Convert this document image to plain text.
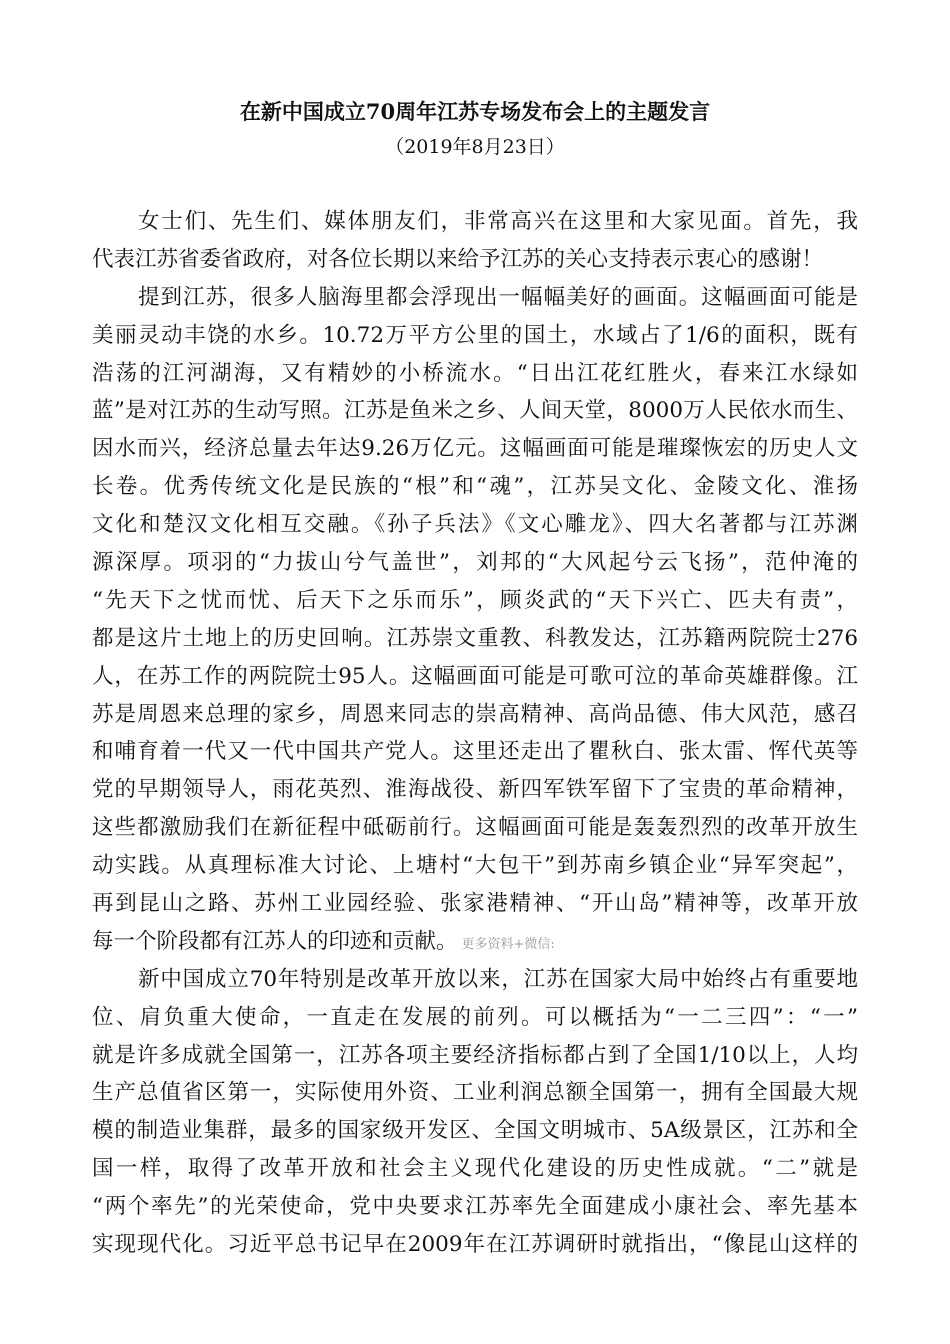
在新中国成立70周年江苏专场发布会上的主题发言
（2019年8月23日）
女士们、先生们、媒体朋友们，非常高兴在这里和大家见面。首先，我
代表江苏省委省政府，对各位长期以来给予江苏的关心支持表示衷心的感谢！
提到江苏，很多人脑海里都会浮现出一幅幅美好的画面。这幅画面可能是
美丽灵动丰饶的水乡。10.72万平方公里的国土，水域占了1/6的面积，既有
浩荡的江河湖海，又有精妙的小桥流水。“日出江花红胜火，春来江水绿如
蓝”是对江苏的生动写照。江苏是鱼米之乡、人间天堂，8000万人民依水而生、
因水而兴，经济总量去年达9.26万亿元。这幅画面可能是璀璨恢宏的历史人文
长卷。优秀传统文化是民族的“根”和“魂”，江苏吴文化、金陵文化、淮扬
文化和楚汉文化相互交融。《孙子兵法》《文心雕龙》、四大名著都与江苏渊
源深厚。项羽的“力拔山兮气盖世”，刘邦的“大风起兮云飞扬”，范仲淹的
“先天下之忧而忧、后天下之乐而乐”，顾炎武的“天下兴亡、匹夫有责”，
都是这片土地上的历史回响。江苏崇文重教、科教发达，江苏籍两院院士276
人，在苏工作的两院院士95人。这幅画面可能是可歌可泣的革命英雄群像。江
苏是周恩来总理的家乡，周恩来同志的崇高精神、高尚品德、伟大风范，感召
和哺育着一代又一代中国共产党人。这里还走出了瞿秋白、张太雷、恽代英等
党的早期领导人，雨花英烈、淮海战役、新四军铁军留下了宝贵的革命精神，
这些都激励我们在新征程中砥砺前行。这幅画面可能是轰轰烈烈的改革开放生
动实践。从真理标准大讨论、上塘村“大包干”到苏南乡镇企业“异军突起”，
再到昆山之路、苏州工业园经验、张家港精神、“开山岛”精神等，改革开放
每一个阶段都有江苏人的印迹和贡献。 更多资料+微信:
新中国成立70年特别是改革开放以来，江苏在国家大局中始终占有重要地
位、肩负重大使命，一直走在发展的前列。可以概括为“一二三四”：“一”
就是许多成就全国第一，江苏各项主要经济指标都占到了全国1/10以上，人均
生产总值省区第一，实际使用外资、工业利润总额全国第一，拥有全国最大规
模的制造业集群，最多的国家级开发区、全国文明城市、5A级景区，江苏和全
国一样，取得了改革开放和社会主义现代化建设的历史性成就。“二”就是
“两个率先”的光荣使命，党中央要求江苏率先全面建成小康社会、率先基本
实现现代化。习近平总书记早在2009年在江苏调研时就指出，“像昆山这样的
